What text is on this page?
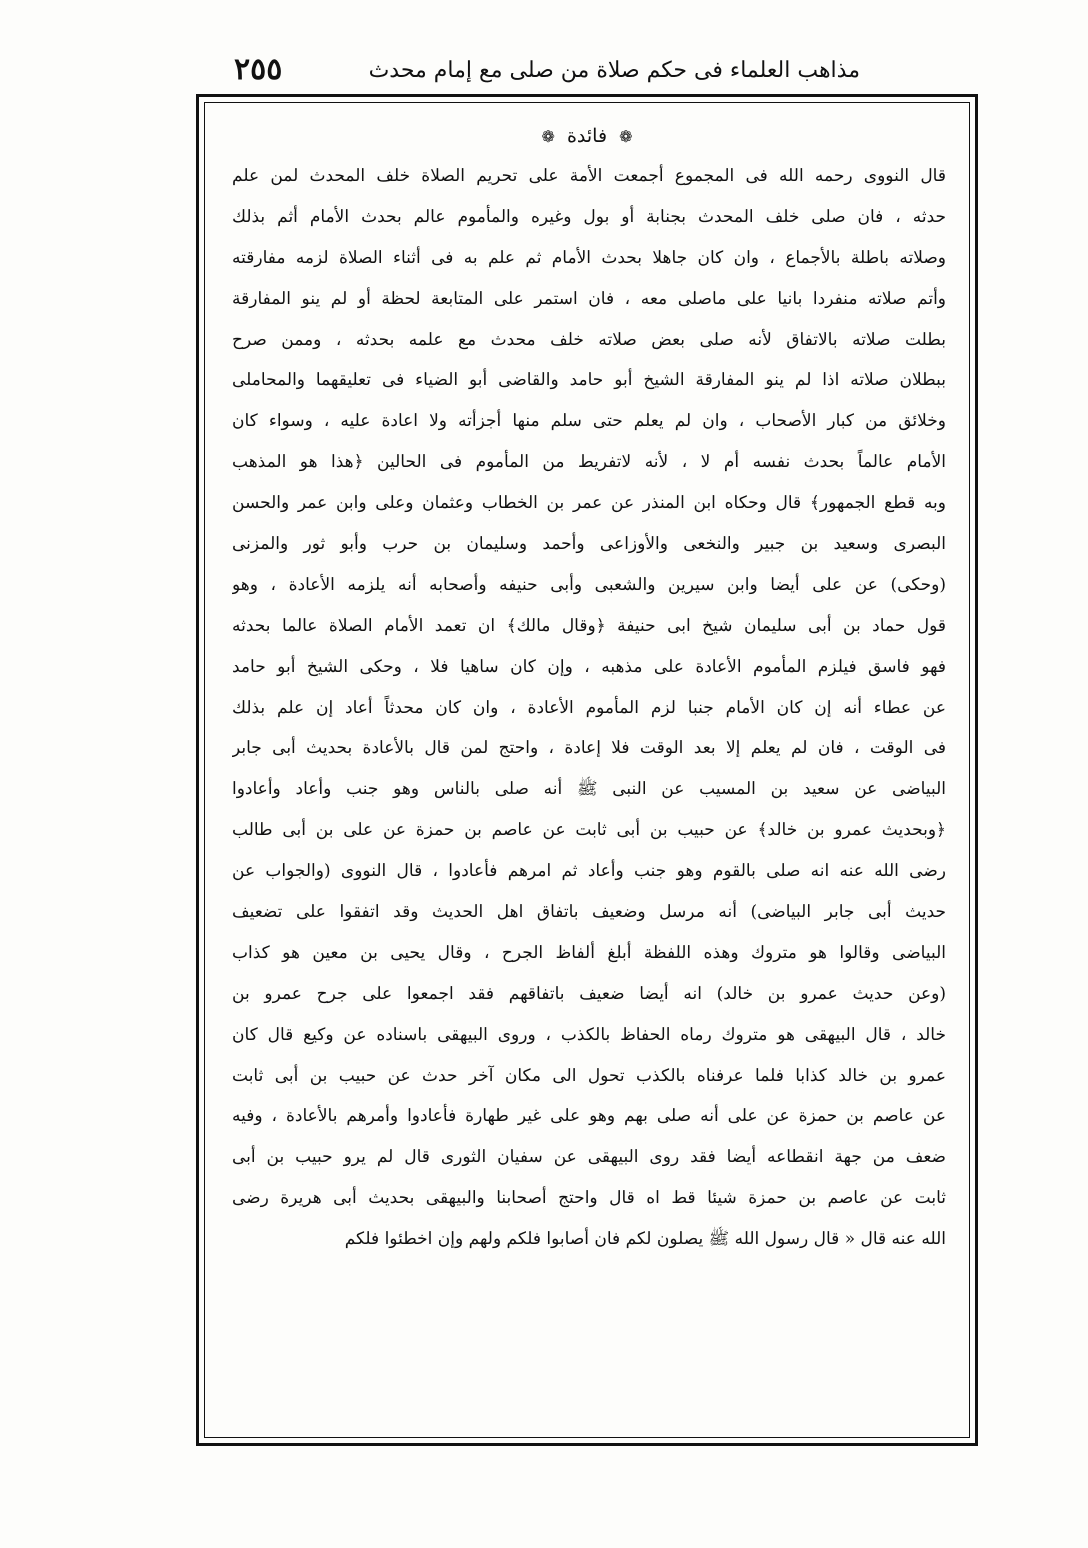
مذاهب العلماء فى حكم صلاة من صلى مع إمام محدث
٢٥٥
❁ فائدة ❁
قال النووى رحمه الله فى المجموع أجمعت الأمة على تحريم الصلاة خلف المحدث لمن علم
حدثه ، فان صلى خلف المحدث بجنابة أو بول وغيره والمأموم عالم بحدث الأمام أثم بذلك
وصلاته باطلة بالأجماع ، وان كان جاهلا بحدث الأمام ثم علم به فى أثناء الصلاة لزمه مفارقته
وأتم صلاته منفردا بانيا على ماصلى معه ، فان استمر على المتابعة لحظة أو لم ينو المفارقة
بطلت صلاته بالاتفاق لأنه صلى بعض صلاته خلف محدث مع علمه بحدثه ، وممن صرح
ببطلان صلاته اذا لم ينو المفارقة الشيخ أبو حامد والقاضى أبو الضياء فى تعليقهما والمحاملى
وخلائق من كبار الأصحاب ، وان لم يعلم حتى سلم منها أجزأته ولا اعادة عليه ، وسواء كان
الأمام عالماً بحدث نفسه أم لا ، لأنه لاتفريط من المأموم فى الحالين ﴿هذا هو المذهب
وبه قطع الجمهور﴾ قال وحكاه ابن المنذر عن عمر بن الخطاب وعثمان وعلى وابن عمر والحسن
البصرى وسعيد بن جبير والنخعى والأوزاعى وأحمد وسليمان بن حرب وأبو ثور والمزنى
(وحكى) عن على أيضا وابن سيرين والشعبى وأبى حنيفه وأصحابه أنه يلزمه الأعادة ، وهو
قول حماد بن أبى سليمان شيخ ابى حنيفة ﴿وقال مالك﴾ ان تعمد الأمام الصلاة عالما بحدثه
فهو فاسق فيلزم المأموم الأعادة على مذهبه ، وإن كان ساهيا فلا ، وحكى الشيخ أبو حامد
عن عطاء أنه إن كان الأمام جنبا لزم المأموم الأعادة ، وان كان محدثاً أعاد إن علم بذلك
فى الوقت ، فان لم يعلم إلا بعد الوقت فلا إعادة ، واحتج لمن قال بالأعادة بحديث أبى جابر
البياضى عن سعيد بن المسيب عن النبى ﷺ أنه صلى بالناس وهو جنب وأعاد وأعادوا
﴿وبحديث عمرو بن خالد﴾ عن حبيب بن أبى ثابت عن عاصم بن حمزة عن على بن أبى طالب
رضى الله عنه انه صلى بالقوم وهو جنب وأعاد ثم امرهم فأعادوا ، قال النووى (والجواب عن
حديث أبى جابر البياضى) أنه مرسل وضعيف باتفاق اهل الحديث وقد اتفقوا على تضعيف
البياضى وقالوا هو متروك وهذه اللفظة أبلغ ألفاظ الجرح ، وقال يحيى بن معين هو كذاب
(وعن حديث عمرو بن خالد) انه أيضا ضعيف باتفاقهم فقد اجمعوا على جرح عمرو بن
خالد ، قال البيهقى هو متروك رماه الحفاظ بالكذب ، وروى البيهقى باسناده عن وكيع قال كان
عمرو بن خالد كذابا فلما عرفناه بالكذب تحول الى مكان آخر حدث عن حبيب بن أبى ثابت
عن عاصم بن حمزة عن على أنه صلى بهم وهو على غير طهارة فأعادوا وأمرهم بالأعادة ، وفيه
ضعف من جهة انقطاعه أيضا فقد روى البيهقى عن سفيان الثورى قال لم يرو حبيب بن أبى
ثابت عن عاصم بن حمزة شيئا قط اه قال واحتج أصحابنا والبيهقى بحديث أبى هريرة رضى
الله عنه قال « قال رسول الله ﷺ يصلون لكم فان أصابوا فلكم ولهم وإن اخطئوا فلكم
